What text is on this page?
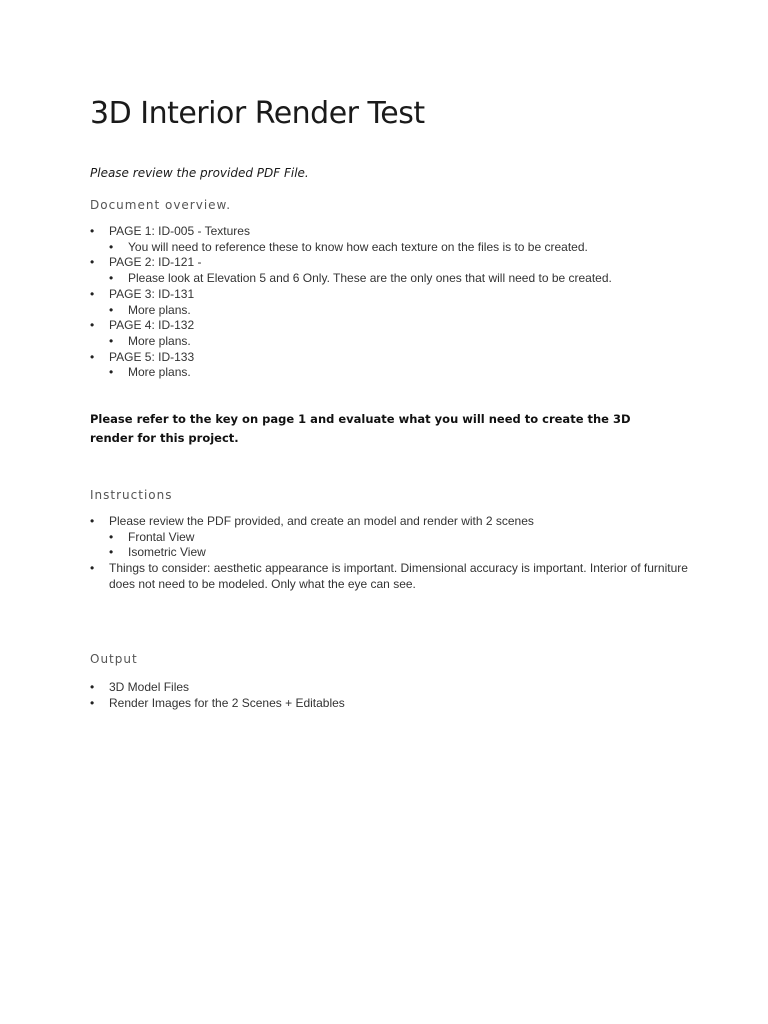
3D Interior Render Test

Please review the provided PDF File.

Document overview.
• PAGE 1: ID-005 - Textures
• You will need to reference these to know how each texture on the files is to be created.
• PAGE 2: ID-121 -
• Please look at Elevation 5 and 6 Only. These are the only ones that will need to be created.
• PAGE 3: ID-131
• More plans.
• PAGE 4: ID-132
• More plans.
• PAGE 5: ID-133
• More plans.

Please refer to the key on page 1 and evaluate what you will need to create the 3D render for this project.

Instructions
• Please review the PDF provided, and create an model and render with 2 scenes
• Frontal View
• Isometric View
• Things to consider: aesthetic appearance is important. Dimensional accuracy is important. Interior of furniture does not need to be modeled. Only what the eye can see.
Output
• 3D Model Files
• Render Images for the 2 Scenes + Editables
